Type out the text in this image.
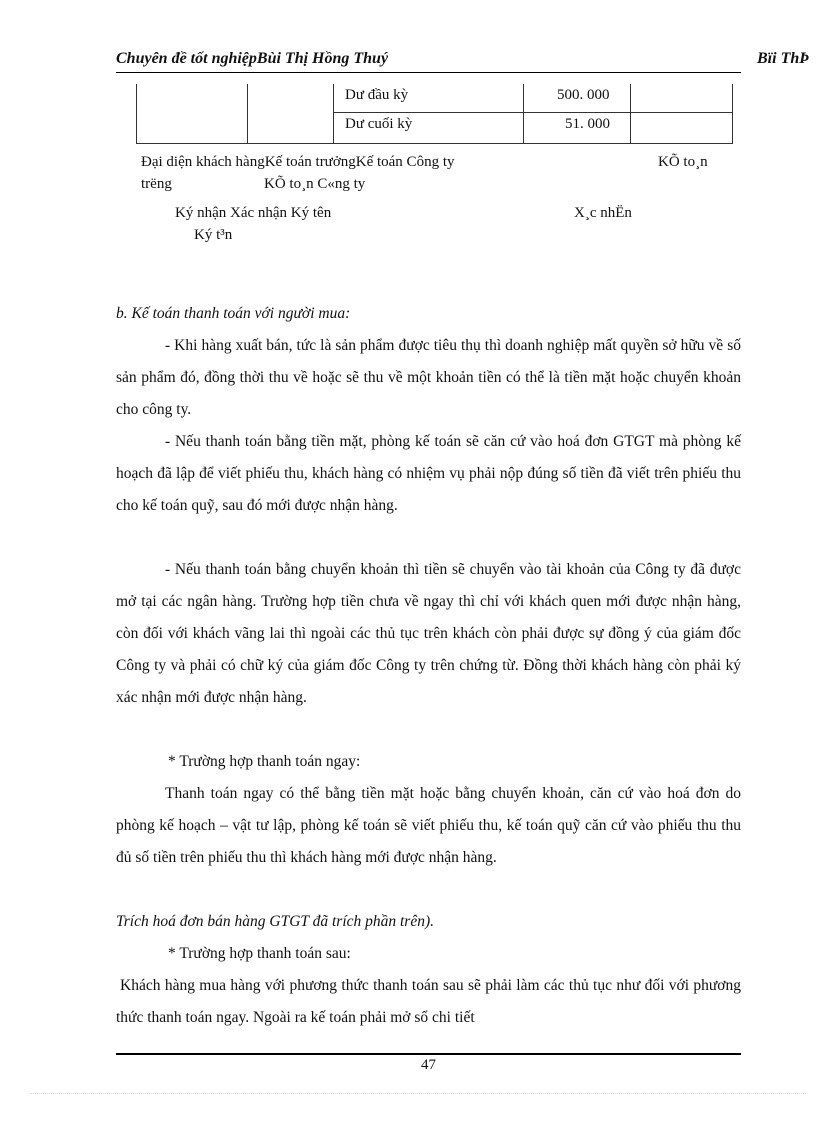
Chuyên đề tốt nghiệpBùi Thị Hồng Thuý	Bïi ThÞ
Dư đầu kỳ	500. 000
Dư cuối kỳ	51. 000
Đại diện khách hàngKế toán trưởngKế toán Công ty	KÕ to¸n
trëng	KÕ to¸n C«ng ty
Ký nhận Xác nhận Ký tên	X¸c nhËn
Ký t³n

b. Kế toán thanh toán với người mua:

- Khi hàng xuất bán, tức là sản phẩm được tiêu thụ thì doanh nghiệp mất quyền sở hữu về số sản phẩm đó, đồng thời thu về hoặc sẽ thu về một khoản tiền có thể là tiền mặt hoặc chuyển khoản cho công ty.

- Nếu thanh toán bằng tiền mặt, phòng kế toán sẽ căn cứ vào hoá đơn GTGT mà phòng kế hoạch đã lập để viết phiếu thu, khách hàng có nhiệm vụ phải nộp đúng số tiền đã viết trên phiếu thu cho kế toán quỹ, sau đó mới được nhận hàng.

- Nếu thanh toán bằng chuyển khoản thì tiền sẽ chuyển vào tài khoản của Công ty đã được mở tại các ngân hàng. Trường hợp tiền chưa về ngay thì chỉ với khách quen mới được nhận hàng, còn đối với khách vãng lai thì ngoài các thủ tục trên khách còn phải được sự đồng ý của giám đốc Công ty và phải có chữ ký của giám đốc Công ty trên chứng từ. Đồng thời khách hàng còn phải ký xác nhận mới được nhận hàng.

* Trường hợp thanh toán ngay:

Thanh toán ngay có thể bằng tiền mặt hoặc bằng chuyển khoản, căn cứ vào hoá đơn do phòng kế hoạch – vật tư lập, phòng kế toán sẽ viết phiếu thu, kế toán quỹ căn cứ vào phiếu thu thu đủ số tiền trên phiếu thu thì khách hàng mới được nhận hàng.

Trích hoá đơn bán hàng GTGT đã trích phần trên).

* Trường hợp thanh toán sau:

Khách hàng mua hàng với phương thức thanh toán sau sẽ phải làm các thủ tục như đối với phương thức thanh toán ngay. Ngoài ra kế toán phải mở sổ chi tiết

47
